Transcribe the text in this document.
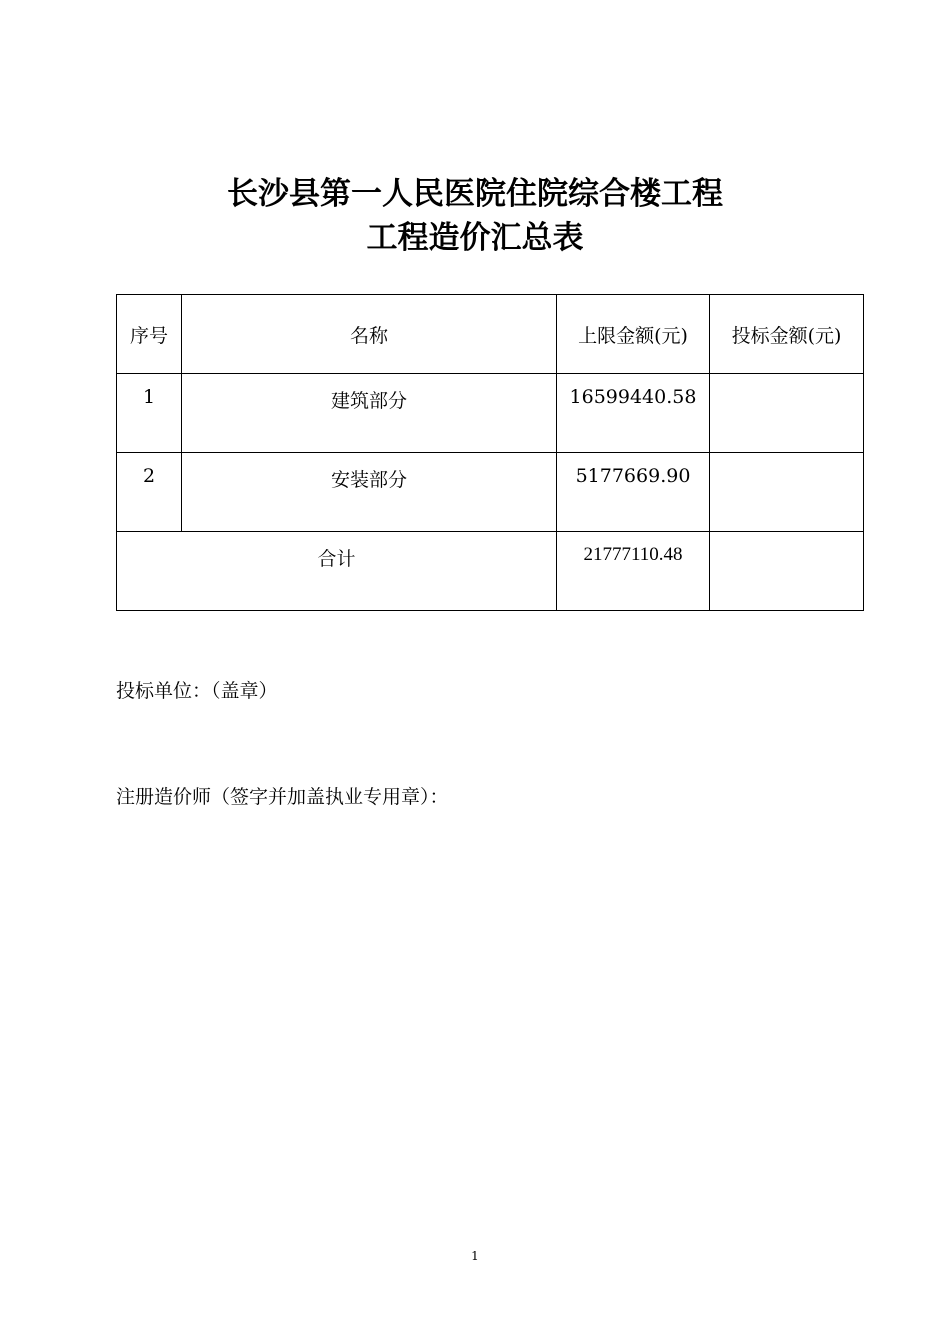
长沙县第一人民医院住院综合楼工程
工程造价汇总表
序号	名称	上限金额(元)	投标金额(元)
1	建筑部分	16599440.58	
2	安装部分	5177669.90	
合计		21777110.48	
投标单位：（盖章）
注册造价师（签字并加盖执业专用章）：
1
